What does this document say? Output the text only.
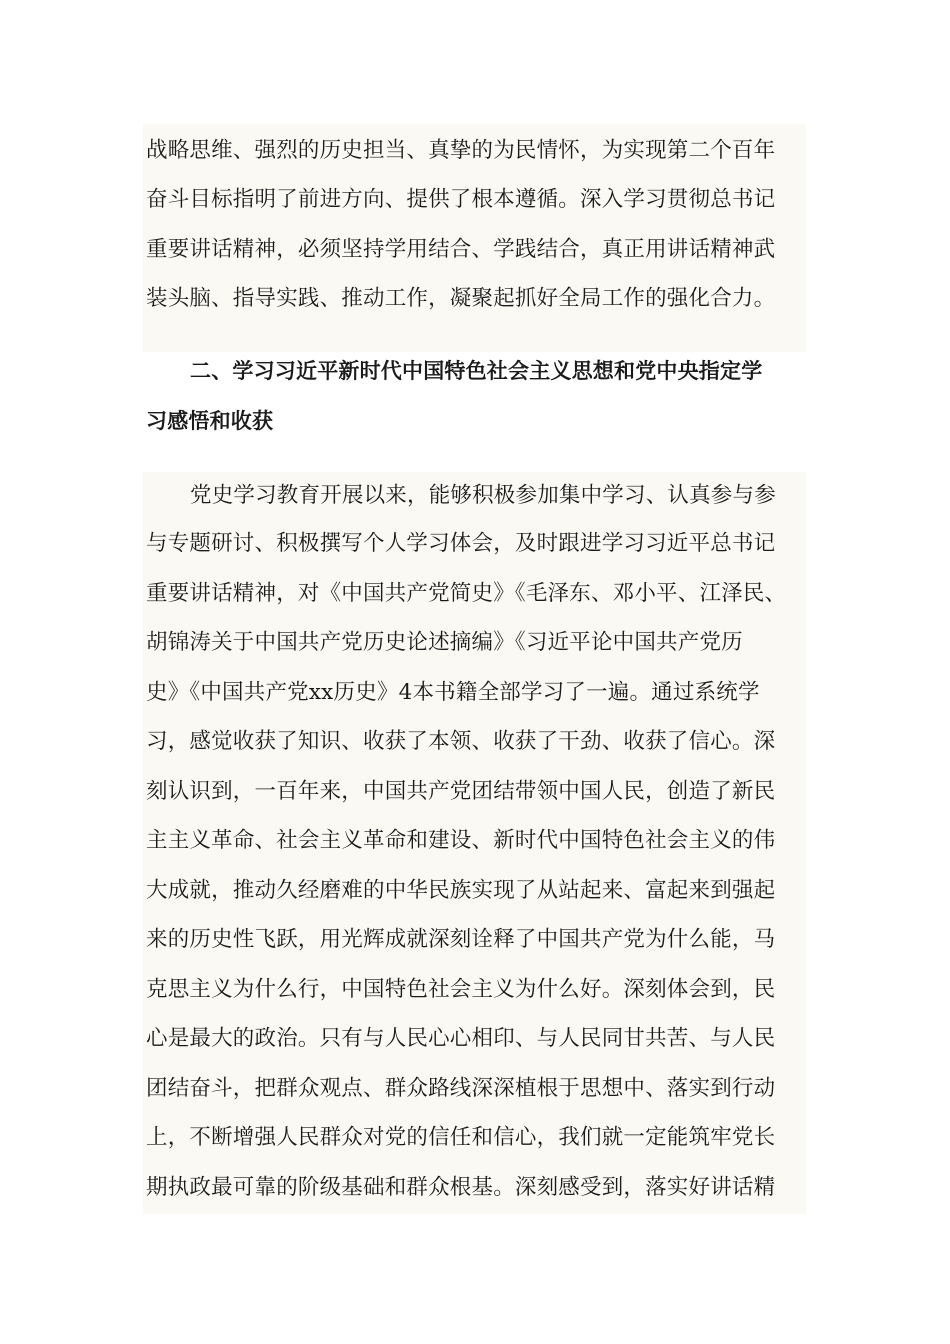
战略思维、强烈的历史担当、真挚的为民情怀，为实现第二个百年
奋斗目标指明了前进方向、提供了根本遵循。深入学习贯彻总书记
重要讲话精神，必须坚持学用结合、学践结合，真正用讲话精神武
装头脑、指导实践、推动工作，凝聚起抓好全局工作的强化合力。
二、学习习近平新时代中国特色社会主义思想和党中央指定学
习感悟和收获
党史学习教育开展以来，能够积极参加集中学习、认真参与参
与专题研讨、积极撰写个人学习体会，及时跟进学习习近平总书记
重要讲话精神，对《中国共产党简史》《毛泽东、邓小平、江泽民、
胡锦涛关于中国共产党历史论述摘编》《习近平论中国共产党历
史》《中国共产党xx历史》4本书籍全部学习了一遍。通过系统学
习，感觉收获了知识、收获了本领、收获了干劲、收获了信心。深
刻认识到，一百年来，中国共产党团结带领中国人民，创造了新民
主主义革命、社会主义革命和建设、新时代中国特色社会主义的伟
大成就，推动久经磨难的中华民族实现了从站起来、富起来到强起
来的历史性飞跃，用光辉成就深刻诠释了中国共产党为什么能，马
克思主义为什么行，中国特色社会主义为什么好。深刻体会到，民
心是最大的政治。只有与人民心心相印、与人民同甘共苦、与人民
团结奋斗，把群众观点、群众路线深深植根于思想中、落实到行动
上，不断增强人民群众对党的信任和信心，我们就一定能筑牢党长
期执政最可靠的阶级基础和群众根基。深刻感受到，落实好讲话精
